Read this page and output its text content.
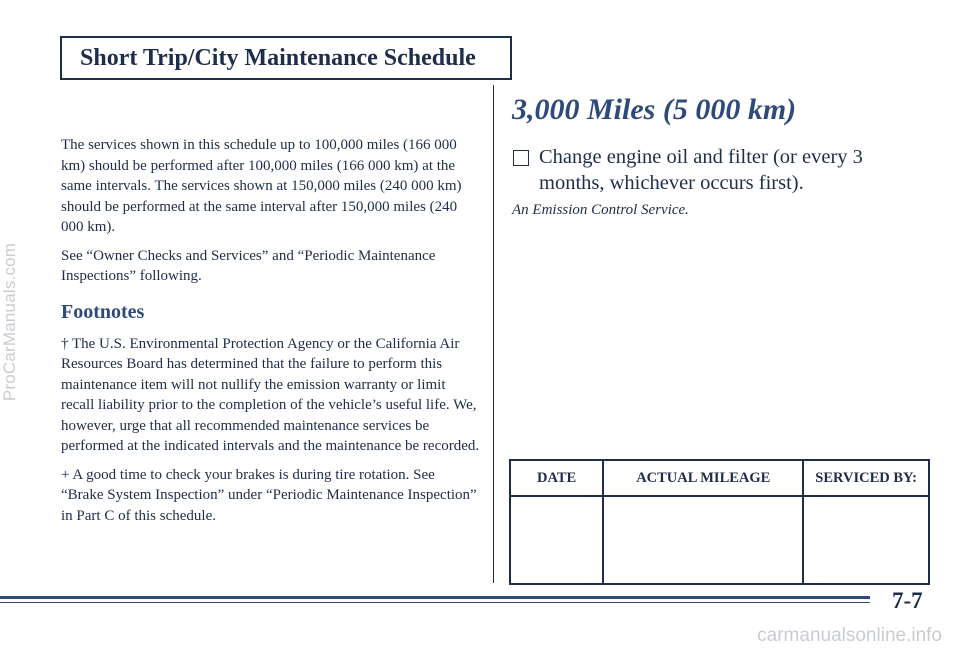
ProCarManuals.com
Short Trip/City Maintenance Schedule

The services shown in this schedule up to 100,000 miles (166 000 km) should be performed after 100,000 miles (166 000 km) at the same intervals. The services shown at 150,000 miles (240 000 km) should be performed at the same interval after 150,000 miles (240 000 km).

See “Owner Checks and Services” and “Periodic Maintenance Inspections” following.

Footnotes

† The U.S. Environmental Protection Agency or the California Air Resources Board has determined that the failure to perform this maintenance item will not nullify the emission warranty or limit recall liability prior to the completion of the vehicle’s useful life. We, however, urge that all recommended maintenance services be performed at the indicated intervals and the maintenance be recorded.

+ A good time to check your brakes is during tire rotation. See “Brake System Inspection” under “Periodic Maintenance Inspection” in Part C of this schedule.

3,000 Miles (5 000 km)
Change engine oil and filter (or every 3 months, whichever occurs first).

An Emission Control Service.

DATE	ACTUAL MILEAGE	SERVICED BY:

7-7
carmanualsonline.info
